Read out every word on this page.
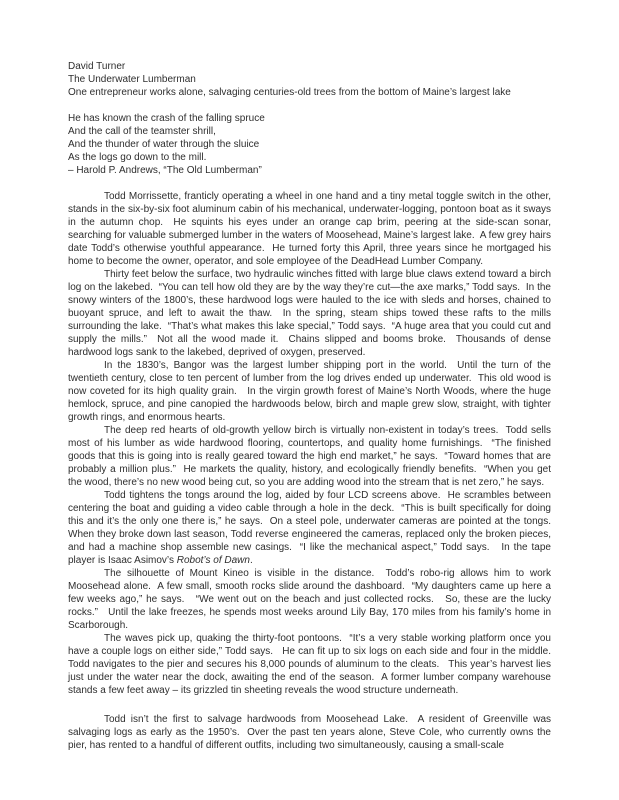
David Turner
The Underwater Lumberman
One entrepreneur works alone, salvaging centuries-old trees from the bottom of Maine’s largest lake
He has known the crash of the falling spruce
And the call of the teamster shrill,
And the thunder of water through the sluice
As the logs go down to the mill.
– Harold P. Andrews, “The Old Lumberman”

Todd Morrissette, franticly operating a wheel in one hand and a tiny metal toggle switch in the other, stands in the six-by-six foot aluminum cabin of his mechanical, underwater-logging, pontoon boat as it sways in the autumn chop.  He squints his eyes under an orange cap brim, peering at the side-scan sonar, searching for valuable submerged lumber in the waters of Moosehead, Maine’s largest lake.  A few grey hairs date Todd’s otherwise youthful appearance.  He turned forty this April, three years since he mortgaged his home to become the owner, operator, and sole employee of the DeadHead Lumber Company.

Thirty feet below the surface, two hydraulic winches fitted with large blue claws extend toward a birch log on the lakebed.  “You can tell how old they are by the way they’re cut—the axe marks,” Todd says.  In the snowy winters of the 1800’s, these hardwood logs were hauled to the ice with sleds and horses, chained to buoyant spruce, and left to await the thaw.  In the spring, steam ships towed these rafts to the mills surrounding the lake.  “That’s what makes this lake special,” Todd says.  “A huge area that you could cut and supply the mills.”  Not all the wood made it.  Chains slipped and booms broke.  Thousands of dense hardwood logs sank to the lakebed, deprived of oxygen, preserved.

In the 1830’s, Bangor was the largest lumber shipping port in the world.  Until the turn of the twentieth century, close to ten percent of lumber from the log drives ended up underwater.  This old wood is now coveted for its high quality grain.   In the virgin growth forest of Maine’s North Woods, where the huge hemlock, spruce, and pine canopied the hardwoods below, birch and maple grew slow, straight, with tighter growth rings, and enormous hearts.

The deep red hearts of old-growth yellow birch is virtually non-existent in today’s trees.  Todd sells most of his lumber as wide hardwood flooring, countertops, and quality home furnishings.  “The finished goods that this is going into is really geared toward the high end market,” he says.  “Toward homes that are probably a million plus.”  He markets the quality, history, and ecologically friendly benefits.  “When you get the wood, there’s no new wood being cut, so you are adding wood into the stream that is net zero,” he says.

Todd tightens the tongs around the log, aided by four LCD screens above.  He scrambles between centering the boat and guiding a video cable through a hole in the deck.  “This is built specifically for doing this and it’s the only one there is,” he says.  On a steel pole, underwater cameras are pointed at the tongs.  When they broke down last season, Todd reverse engineered the cameras, replaced only the broken pieces, and had a machine shop assemble new casings.  “I like the mechanical aspect,” Todd says.   In the tape player is Isaac Asimov’s Robot’s of Dawn.

The silhouette of Mount Kineo is visible in the distance.  Todd’s robo-rig allows him to work Moosehead alone.  A few small, smooth rocks slide around the dashboard.  “My daughters came up here a few weeks ago,” he says.   “We went out on the beach and just collected rocks.   So, these are the lucky rocks.”   Until the lake freezes, he spends most weeks around Lily Bay, 170 miles from his family’s home in Scarborough.

The waves pick up, quaking the thirty-foot pontoons.  “It’s a very stable working platform once you have a couple logs on either side,” Todd says.   He can fit up to six logs on each side and four in the middle.   Todd navigates to the pier and secures his 8,000 pounds of aluminum to the cleats.   This year’s harvest lies just under the water near the dock, awaiting the end of the season.  A former lumber company warehouse stands a few feet away – its grizzled tin sheeting reveals the wood structure underneath.

Todd isn’t the first to salvage hardwoods from Moosehead Lake.  A resident of Greenville was salvaging logs as early as the 1950’s.  Over the past ten years alone, Steve Cole, who currently owns the pier, has rented to a handful of different outfits, including two simultaneously, causing a small-scale
